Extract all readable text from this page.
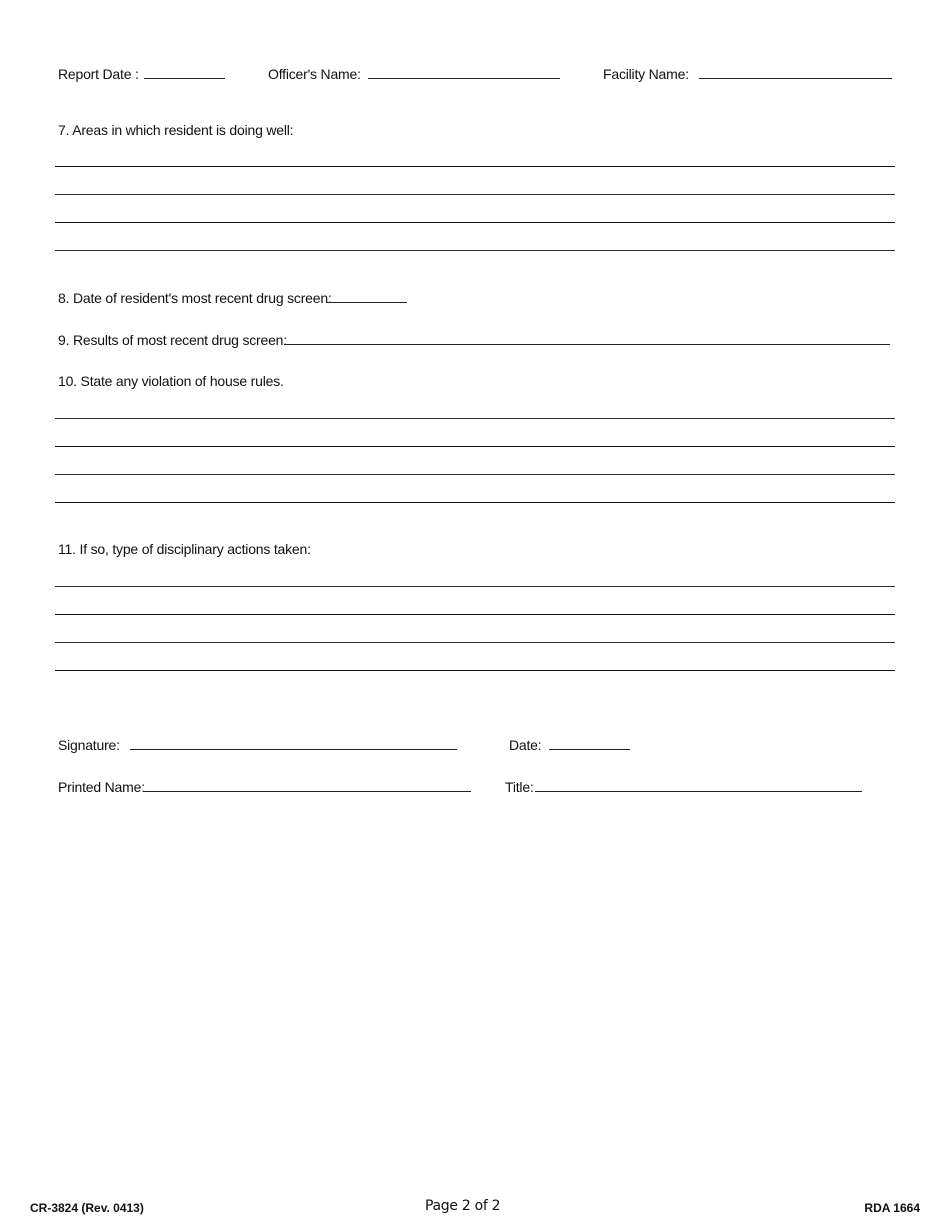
Report Date :	Officer's Name:	Facility Name:
7. Areas in which resident is doing well:
8. Date of resident's most recent drug screen:
9. Results of most recent drug screen:
10. State any violation of house rules.
11. If so, type of disciplinary actions taken:
Signature:	Date:
Printed Name:	Title:
CR-3824 (Rev. 0413)	Page 2 of 2	RDA 1664
